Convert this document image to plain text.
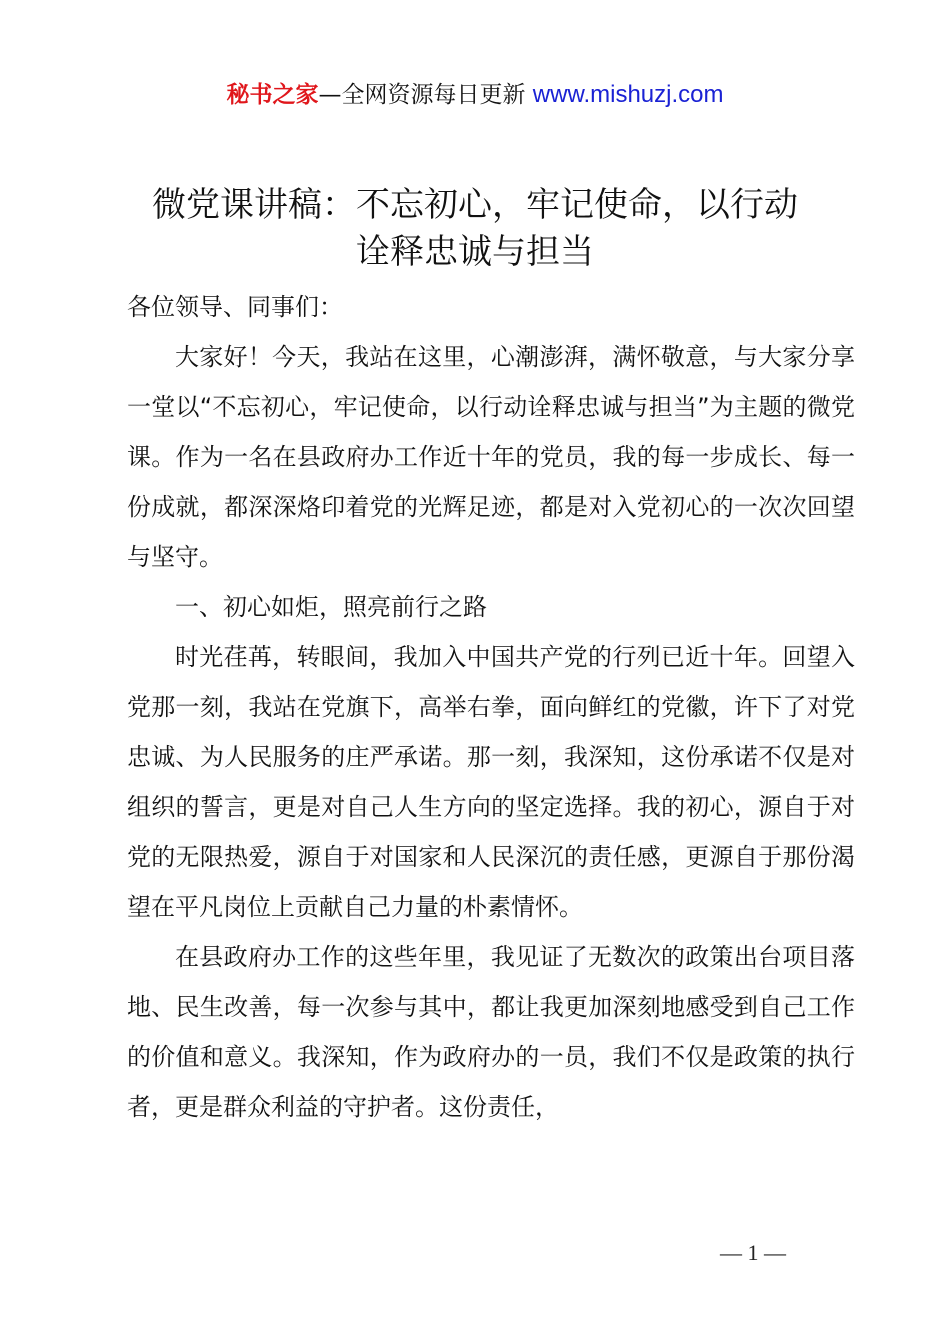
秘书之家—全网资源每日更新 www.mishuzj.com
微党课讲稿：不忘初心，牢记使命，以行动
诠释忠诚与担当

各位领导、同事们：

大家好！今天，我站在这里，心潮澎湃，满怀敬意，与大家分享一堂以“不忘初心，牢记使命，以行动诠释忠诚与担当”为主题的微党课。作为一名在县政府办工作近十年的党员，我的每一步成长、每一份成就，都深深烙印着党的光辉足迹，都是对入党初心的一次次回望与坚守。

一、初心如炬，照亮前行之路

时光荏苒，转眼间，我加入中国共产党的行列已近十年。回望入党那一刻，我站在党旗下，高举右拳，面向鲜红的党徽，许下了对党忠诚、为人民服务的庄严承诺。那一刻，我深知，这份承诺不仅是对组织的誓言，更是对自己人生方向的坚定选择。我的初心，源自于对党的无限热爱，源自于对国家和人民深沉的责任感，更源自于那份渴望在平凡岗位上贡献自己力量的朴素情怀。

在县政府办工作的这些年里，我见证了无数次的政策出台项目落地、民生改善，每一次参与其中，都让我更加深刻地感受到自己工作的价值和意义。我深知，作为政府办的一员，我们不仅是政策的执行者，更是群众利益的守护者。这份责任，

— 1 —
